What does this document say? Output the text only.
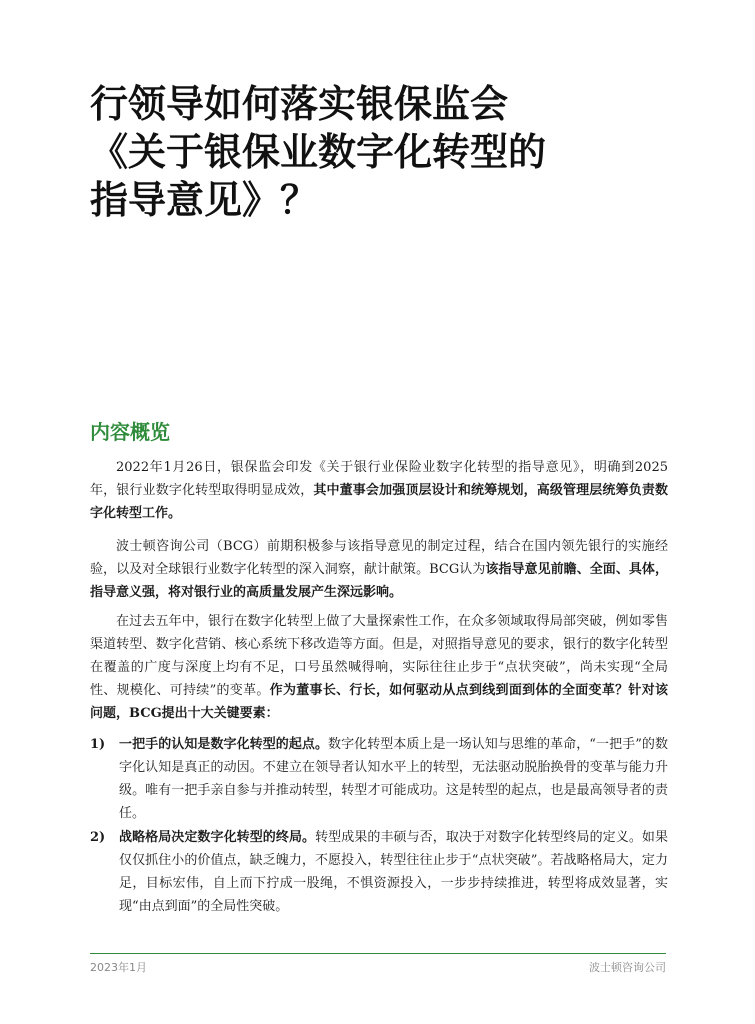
行领导如何落实银保监会
《关于银保业数字化转型的
指导意见》？
内容概览

2022年1月26日，银保监会印发《关于银行业保险业数字化转型的指导意见》，明确到2025年，银行业数字化转型取得明显成效，其中董事会加强顶层设计和统筹规划，高级管理层统筹负责数字化转型工作。

波士顿咨询公司（BCG）前期积极参与该指导意见的制定过程，结合在国内领先银行的实施经验，以及对全球银行业数字化转型的深入洞察，献计献策。BCG认为该指导意见前瞻、全面、具体，指导意义强，将对银行业的高质量发展产生深远影响。

在过去五年中，银行在数字化转型上做了大量探索性工作，在众多领域取得局部突破，例如零售渠道转型、数字化营销、核心系统下移改造等方面。但是，对照指导意见的要求，银行的数字化转型在覆盖的广度与深度上均有不足，口号虽然喊得响，实际往往止步于“点状突破”，尚未实现“全局性、规模化、可持续”的变革。作为董事长、行长，如何驱动从点到线到面到体的全面变革？针对该问题，BCG提出十大关键要素：

1) 一把手的认知是数字化转型的起点。数字化转型本质上是一场认知与思维的革命，“一把手”的数字化认知是真正的动因。不建立在领导者认知水平上的转型，无法驱动脱胎换骨的变革与能力升级。唯有一把手亲自参与并推动转型，转型才可能成功。这是转型的起点，也是最高领导者的责任。
2) 战略格局决定数字化转型的终局。转型成果的丰硕与否，取决于对数字化转型终局的定义。如果仅仅抓住小的价值点，缺乏魄力，不愿投入，转型往往止步于“点状突破”。若战略格局大，定力足，目标宏伟，自上而下拧成一股绳，不惧资源投入，一步步持续推进，转型将成效显著，实现“由点到面”的全局性突破。
2023年1月	波士顿咨询公司
